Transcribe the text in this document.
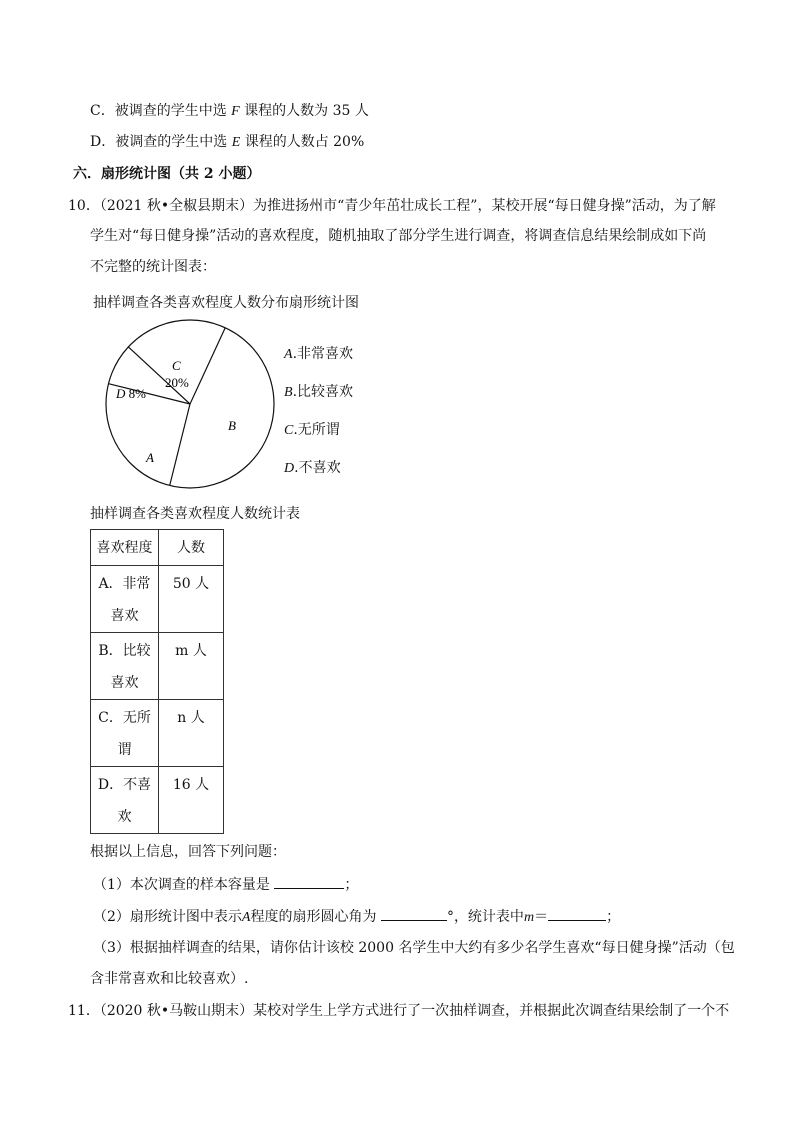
C．被调查的学生中选 F 课程的人数为 35 人
D．被调查的学生中选 E 课程的人数占 20%
六．扇形统计图（共 2 小题）
10．（2021 秋•全椒县期末）为推进扬州市“青少年茁壮成长工程”，某校开展“每日健身操”活动，为了解
学生对“每日健身操”活动的喜欢程度，随机抽取了部分学生进行调查，将调查信息结果绘制成如下尚
不完整的统计图表：
抽样调查各类喜欢程度人数分布扇形统计图
A
D 8%
C
20%
B
A.非常喜欢
B.比较喜欢
C.无所谓
D.不喜欢
抽样调查各类喜欢程度人数统计表
喜欢程度	人数

A．非常
喜欢	50 人

B．比较
喜欢	m 人

C．无所
谓	n 人

D．不喜
欢	16 人
根据以上信息，回答下列问题：
（1）本次调查的样本容量是	；
（2）扇形统计图中表示A程度的扇形圆心角为	°，统计表中m＝	；
（3）根据抽样调查的结果，请你估计该校 2000 名学生中大约有多少名学生喜欢“每日健身操”活动（包
含非常喜欢和比较喜欢）.
11．（2020 秋•马鞍山期末）某校对学生上学方式进行了一次抽样调查，并根据此次调查结果绘制了一个不
